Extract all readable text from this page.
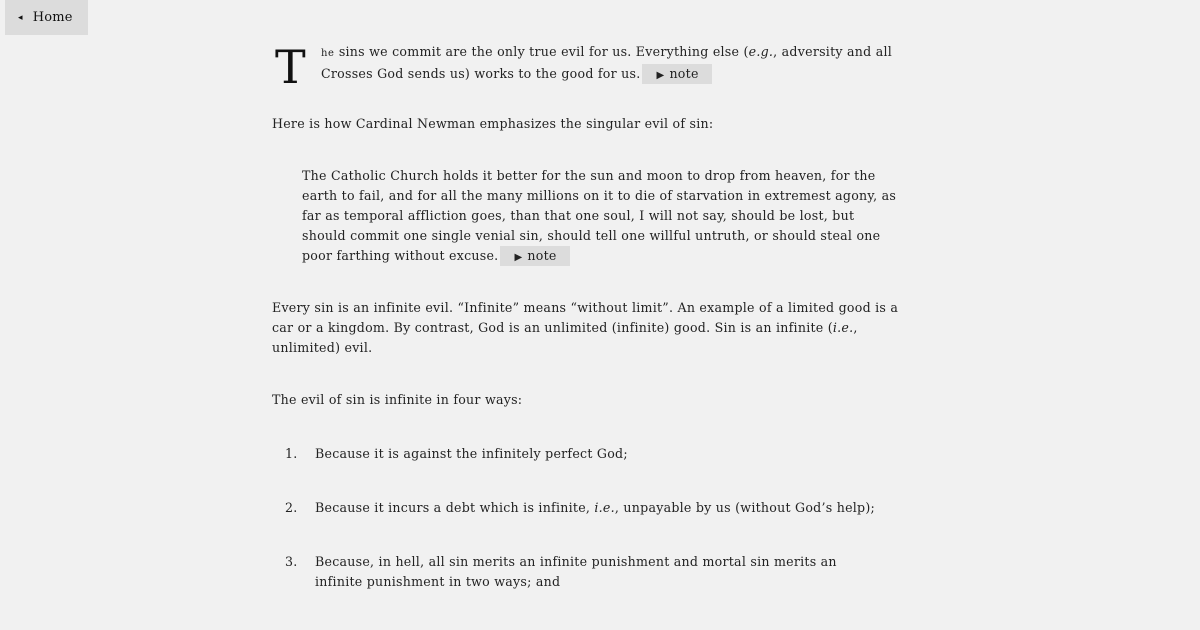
◂ Home
T he sins we commit are the only true evil for us. Everything else (e.g., adversity and all Crosses God sends us) works to the good for us. ▶ note
Here is how Cardinal Newman emphasizes the singular evil of sin:
The Catholic Church holds it better for the sun and moon to drop from heaven, for the earth to fail, and for all the many millions on it to die of starvation in extremest agony, as far as temporal affliction goes, than that one soul, I will not say, should be lost, but should commit one single venial sin, should tell one willful untruth, or should steal one poor farthing without excuse. ▶ note
Every sin is an infinite evil. “Infinite” means “without limit”. An example of a limited good is a car or a kingdom. By contrast, God is an unlimited (infinite) good. Sin is an infinite (i.e., unlimited) evil.
The evil of sin is infinite in four ways:
1. Because it is against the infinitely perfect God;
2. Because it incurs a debt which is infinite, i.e., unpayable by us (without God’s help);
3. Because, in hell, all sin merits an infinite punishment and mortal sin merits an infinite punishment in two ways; and
